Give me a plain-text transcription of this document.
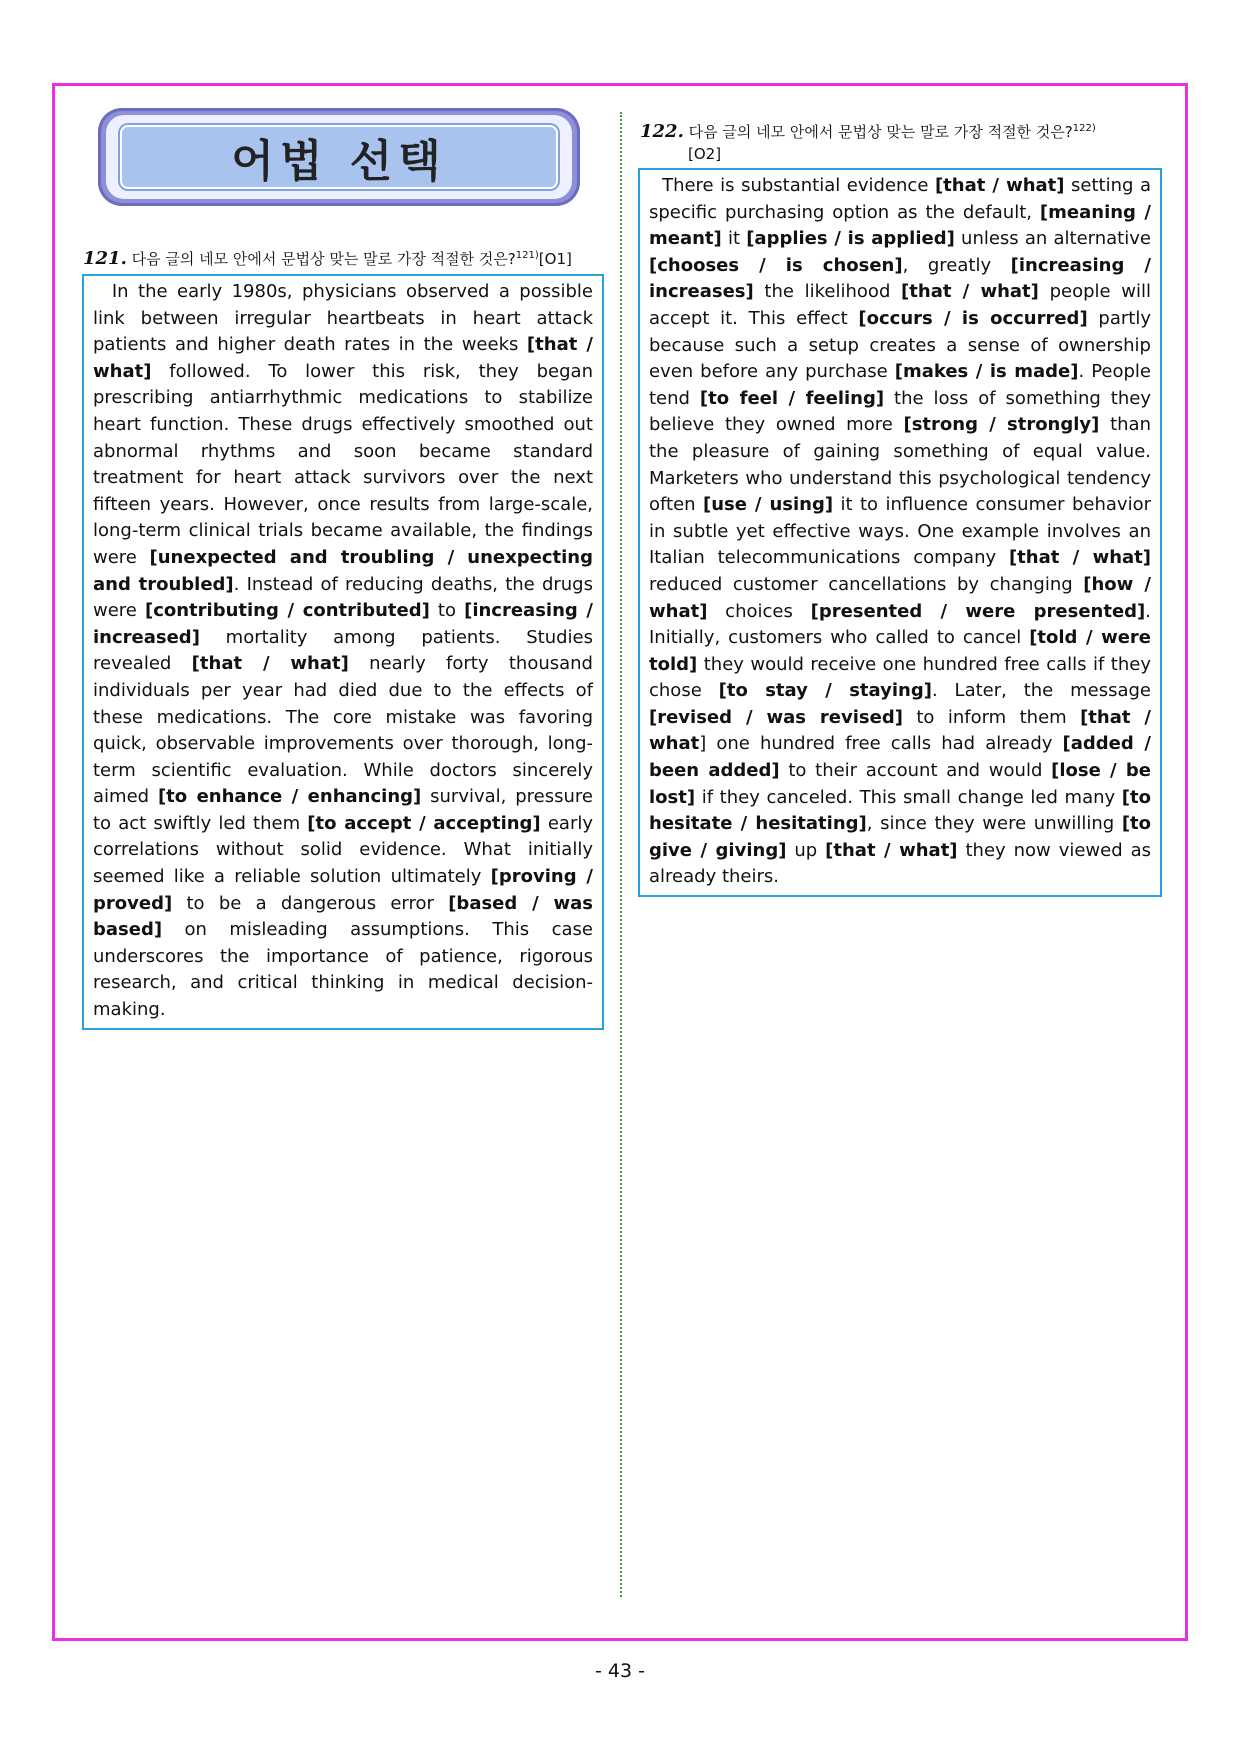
어법 선택
121. 다음 글의 네모 안에서 문법상 맞는 말로 가장 적절한 것은?$^{121)}$[O1]

In the early 1980s, physicians observed a possible link between irregular heartbeats in heart attack patients and higher death rates in the weeks [that / what] followed. To lower this risk, they began prescribing antiarrhythmic medications to stabilize heart function. These drugs effectively smoothed out abnormal rhythms and soon became standard treatment for heart attack survivors over the next fifteen years. However, once results from large-scale, long-term clinical trials became available, the findings were [unexpected and troubling / unexpecting and troubled]. Instead of reducing deaths, the drugs were [contributing / contributed] to [increasing / increased] mortality among patients. Studies revealed [that / what] nearly forty thousand individuals per year had died due to the effects of these medications. The core mistake was favoring quick, observable improvements over thorough, long-term scientific evaluation. While doctors sincerely aimed [to enhance / enhancing] survival, pressure to act swiftly led them [to accept / accepting] early correlations without solid evidence. What initially seemed like a reliable solution ultimately [proving / proved] to be a dangerous error [based / was based] on misleading assumptions. This case underscores the importance of patience, rigorous research, and critical thinking in medical decision-making.

122. 다음 글의 네모 안에서 문법상 맞는 말로 가장 적절한 것은?$^{122)}$
[O2]

There is substantial evidence [that / what] setting a specific purchasing option as the default, [meaning / meant] it [applies / is applied] unless an alternative [chooses / is chosen], greatly [increasing / increases] the likelihood [that / what] people will accept it. This effect [occurs / is occurred] partly because such a setup creates a sense of ownership even before any purchase [makes / is made]. People tend [to feel / feeling] the loss of something they believe they owned more [strong / strongly] than the pleasure of gaining something of equal value. Marketers who understand this psychological tendency often [use / using] it to influence consumer behavior in subtle yet effective ways. One example involves an Italian telecommunications company [that / what] reduced customer cancellations by changing [how / what] choices [presented / were presented]. Initially, customers who called to cancel [told / were told] they would receive one hundred free calls if they chose [to stay / staying]. Later, the message [revised / was revised] to inform them [that / what] one hundred free calls had already [added / been added] to their account and would [lose / be lost] if they canceled. This small change led many [to hesitate / hesitating], since they were unwilling [to give / giving] up [that / what] they now viewed as already theirs.

- 43 -
